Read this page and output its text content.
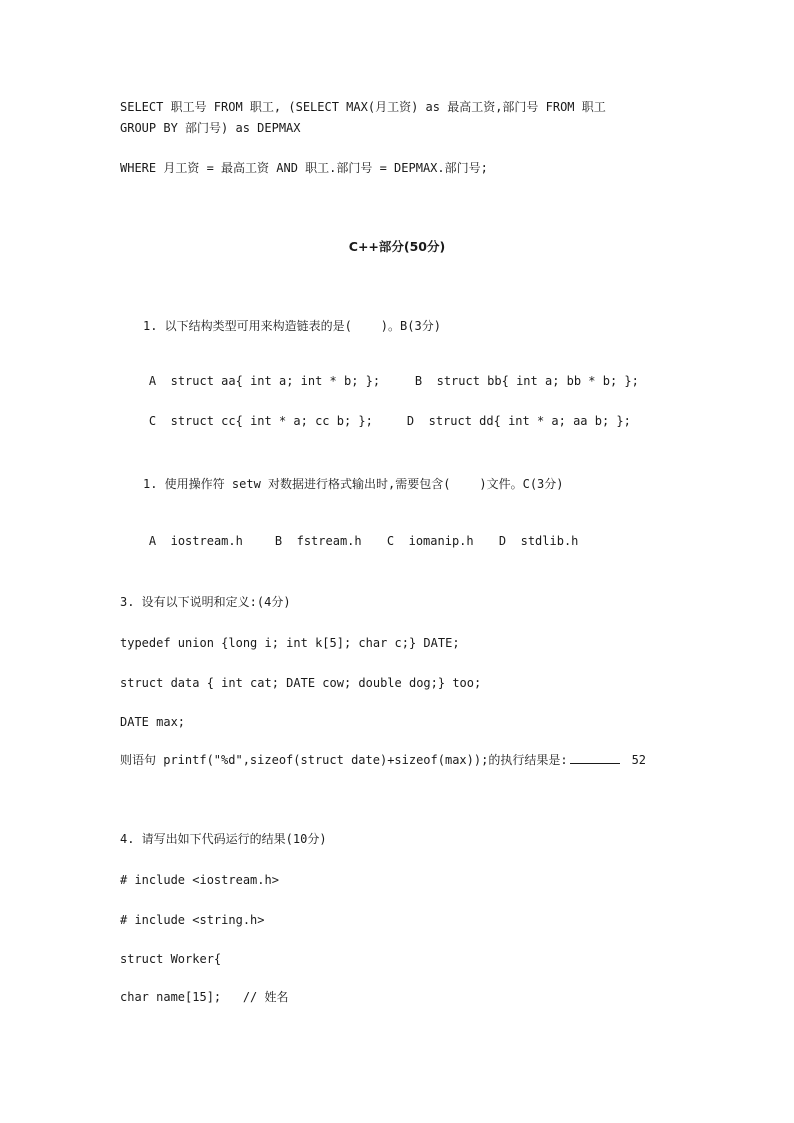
SELECT 职工号 FROM 职工, (SELECT MAX(月工资) as 最高工资,部门号 FROM 职工
GROUP BY 部门号) as DEPMAX
WHERE 月工资 = 最高工资 AND 职工.部门号 = DEPMAX.部门号;
C++部分(50分)
1. 以下结构类型可用来构造链表的是(    )。B(3分)

A struct aa{ int a; int * b; };	B struct bb{ int a; bb * b; };

C struct cc{ int * a; cc b; };	D struct dd{ int * a; aa b; };

1. 使用操作符 setw 对数据进行格式输出时,需要包含(    )文件。C(3分)

A iostream.h	B fstream.h C iomanip.h D stdlib.h

3. 设有以下说明和定义:(4分)
typedef union {long i; int k[5]; char c;} DATE;
struct data { int cat; DATE cow; double dog;} too;
DATE max;
则语句 printf("%d",sizeof(struct date)+sizeof(max));的执行结果是:	52
4. 请写出如下代码运行的结果(10分)
# include <iostream.h>
# include <string.h>
struct Worker{
char name[15];   // 姓名
